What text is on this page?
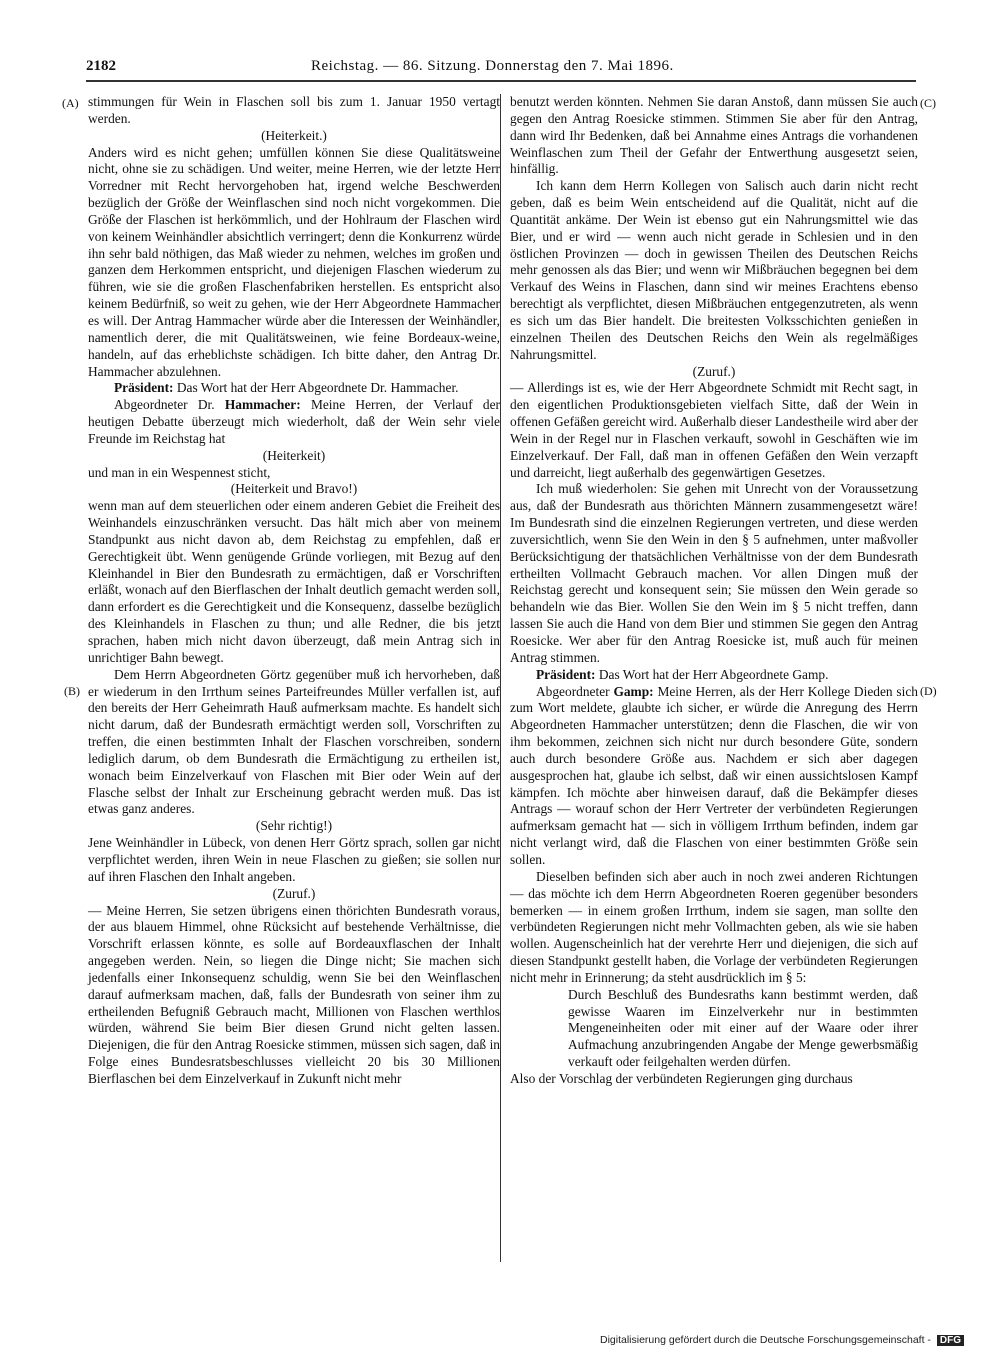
2182	Reichstag. — 86. Sitzung. Donnerstag den 7. Mai 1896.
(A)
(B)
(C)
(D)

stimmungen für Wein in Flaschen soll bis zum 1. Januar 1950 vertagt werden.

(Heiterkeit.)

Anders wird es nicht gehen; umfüllen können Sie diese Qualitätsweine nicht, ohne sie zu schädigen. Und weiter, meine Herren, wie der letzte Herr Vorredner mit Recht hervorgehoben hat, irgend welche Beschwerden bezüglich der Größe der Weinflaschen sind noch nicht vorgekommen. Die Größe der Flaschen ist herkömmlich, und der Hohlraum der Flaschen wird von keinem Weinhändler absichtlich verringert; denn die Konkurrenz würde ihn sehr bald nöthigen, das Maß wieder zu nehmen, welches im großen und ganzen dem Herkommen entspricht, und diejenigen Flaschen wiederum zu führen, wie sie die großen Flaschenfabriken herstellen. Es entspricht also keinem Bedürfniß, so weit zu gehen, wie der Herr Abgeordnete Hammacher es will. Der Antrag Hammacher würde aber die Interessen der Weinhändler, namentlich derer, die mit Qualitätsweinen, wie feine Bordeaux-weine, handeln, auf das erheblichste schädigen. Ich bitte daher, den Antrag Dr. Hammacher abzulehnen.

Präsident: Das Wort hat der Herr Abgeordnete Dr. Hammacher.

Abgeordneter Dr. Hammacher: Meine Herren, der Verlauf der heutigen Debatte überzeugt mich wiederholt, daß der Wein sehr viele Freunde im Reichstag hat

(Heiterkeit)

und man in ein Wespennest sticht,

(Heiterkeit und Bravo!)

wenn man auf dem steuerlichen oder einem anderen Gebiet die Freiheit des Weinhandels einzuschränken versucht. Das hält mich aber von meinem Standpunkt aus nicht davon ab, dem Reichstag zu empfehlen, daß er Gerechtigkeit übt. Wenn genügende Gründe vorliegen, mit Bezug auf den Kleinhandel in Bier den Bundesrath zu ermächtigen, daß er Vorschriften erläßt, wonach auf den Bierflaschen der Inhalt deutlich gemacht werden soll, dann erfordert es die Gerechtigkeit und die Konsequenz, dasselbe bezüglich des Kleinhandels in Flaschen zu thun; und alle Redner, die bis jetzt sprachen, haben mich nicht davon überzeugt, daß mein Antrag sich in unrichtiger Bahn bewegt.

Dem Herrn Abgeordneten Görtz gegenüber muß ich hervorheben, daß er wiederum in den Irrthum seines Parteifreundes Müller verfallen ist, auf den bereits der Herr Geheimrath Hauß aufmerksam machte. Es handelt sich nicht darum, daß der Bundesrath ermächtigt werden soll, Vorschriften zu treffen, die einen bestimmten Inhalt der Flaschen vorschreiben, sondern lediglich darum, ob dem Bundesrath die Ermächtigung zu ertheilen ist, wonach beim Einzelverkauf von Flaschen mit Bier oder Wein auf der Flasche selbst der Inhalt zur Erscheinung gebracht werden muß. Das ist etwas ganz anderes.

(Sehr richtig!)

Jene Weinhändler in Lübeck, von denen Herr Görtz sprach, sollen gar nicht verpflichtet werden, ihren Wein in neue Flaschen zu gießen; sie sollen nur auf ihren Flaschen den Inhalt angeben.

(Zuruf.)

— Meine Herren, Sie setzen übrigens einen thörichten Bundesrath voraus, der aus blauem Himmel, ohne Rücksicht auf bestehende Verhältnisse, die Vorschrift erlassen könnte, es solle auf Bordeauxflaschen der Inhalt angegeben werden. Nein, so liegen die Dinge nicht; Sie machen sich jedenfalls einer Inkonsequenz schuldig, wenn Sie bei den Weinflaschen darauf aufmerksam machen, daß, falls der Bundesrath von seiner ihm zu ertheilenden Befugniß Gebrauch macht, Millionen von Flaschen werthlos würden, während Sie beim Bier diesen Grund nicht gelten lassen. Diejenigen, die für den Antrag Roesicke stimmen, müssen sich sagen, daß in Folge eines Bundesratsbeschlusses vielleicht 20 bis 30 Millionen Bierflaschen bei dem Einzelverkauf in Zukunft nicht mehr

benutzt werden könnten. Nehmen Sie daran Anstoß, dann müssen Sie auch gegen den Antrag Roesicke stimmen. Stimmen Sie aber für den Antrag, dann wird Ihr Bedenken, daß bei Annahme eines Antrags die vorhandenen Weinflaschen zum Theil der Gefahr der Entwerthung ausgesetzt seien, hinfällig.

Ich kann dem Herrn Kollegen von Salisch auch darin nicht recht geben, daß es beim Wein entscheidend auf die Qualität, nicht auf die Quantität ankäme. Der Wein ist ebenso gut ein Nahrungsmittel wie das Bier, und er wird — wenn auch nicht gerade in Schlesien und in den östlichen Provinzen — doch in gewissen Theilen des Deutschen Reichs mehr genossen als das Bier; und wenn wir Mißbräuchen begegnen bei dem Verkauf des Weins in Flaschen, dann sind wir meines Erachtens ebenso berechtigt als verpflichtet, diesen Mißbräuchen entgegenzutreten, als wenn es sich um das Bier handelt. Die breitesten Volksschichten genießen in einzelnen Theilen des Deutschen Reichs den Wein als regelmäßiges Nahrungsmittel.

(Zuruf.)

— Allerdings ist es, wie der Herr Abgeordnete Schmidt mit Recht sagt, in den eigentlichen Produktionsgebieten vielfach Sitte, daß der Wein in offenen Gefäßen gereicht wird. Außerhalb dieser Landestheile wird aber der Wein in der Regel nur in Flaschen verkauft, sowohl in Geschäften wie im Einzelverkauf. Der Fall, daß man in offenen Gefäßen den Wein verzapft und darreicht, liegt außerhalb des gegenwärtigen Gesetzes.

Ich muß wiederholen: Sie gehen mit Unrecht von der Voraussetzung aus, daß der Bundesrath aus thörichten Männern zusammengesetzt wäre! Im Bundesrath sind die einzelnen Regierungen vertreten, und diese werden zuversichtlich, wenn Sie den Wein in den § 5 aufnehmen, unter maßvoller Berücksichtigung der thatsächlichen Verhältnisse von der dem Bundesrath ertheilten Vollmacht Gebrauch machen. Vor allen Dingen muß der Reichstag gerecht und konsequent sein; Sie müssen den Wein gerade so behandeln wie das Bier. Wollen Sie den Wein im § 5 nicht treffen, dann lassen Sie auch die Hand von dem Bier und stimmen Sie gegen den Antrag Roesicke. Wer aber für den Antrag Roesicke ist, muß auch für meinen Antrag stimmen.

Präsident: Das Wort hat der Herr Abgeordnete Gamp.

Abgeordneter Gamp: Meine Herren, als der Herr Kollege Dieden sich zum Wort meldete, glaubte ich sicher, er würde die Anregung des Herrn Abgeordneten Hammacher unterstützen; denn die Flaschen, die wir von ihm bekommen, zeichnen sich nicht nur durch besondere Güte, sondern auch durch besondere Größe aus. Nachdem er sich aber dagegen ausgesprochen hat, glaube ich selbst, daß wir einen aussichtslosen Kampf kämpfen. Ich möchte aber hinweisen darauf, daß die Bekämpfer dieses Antrags — worauf schon der Herr Vertreter der verbündeten Regierungen aufmerksam gemacht hat — sich in völligem Irrthum befinden, indem gar nicht verlangt wird, daß die Flaschen von einer bestimmten Größe sein sollen.

Dieselben befinden sich aber auch in noch zwei anderen Richtungen — das möchte ich dem Herrn Abgeordneten Roeren gegenüber besonders bemerken — in einem großen Irrthum, indem sie sagen, man sollte den verbündeten Regierungen nicht mehr Vollmachten geben, als wie sie haben wollen. Augenscheinlich hat der verehrte Herr und diejenigen, die sich auf diesen Standpunkt gestellt haben, die Vorlage der verbündeten Regierungen nicht mehr in Erinnerung; da steht ausdrücklich im § 5:

Durch Beschluß des Bundesraths kann bestimmt werden, daß gewisse Waaren im Einzelverkehr nur in bestimmten Mengeneinheiten oder mit einer auf der Waare oder ihrer Aufmachung anzubringenden Angabe der Menge gewerbsmäßig verkauft oder feilgehalten werden dürfen.

Also der Vorschlag der verbündeten Regierungen ging durchaus

Digitalisierung gefördert durch die Deutsche Forschungsgemeinschaft - DFG
